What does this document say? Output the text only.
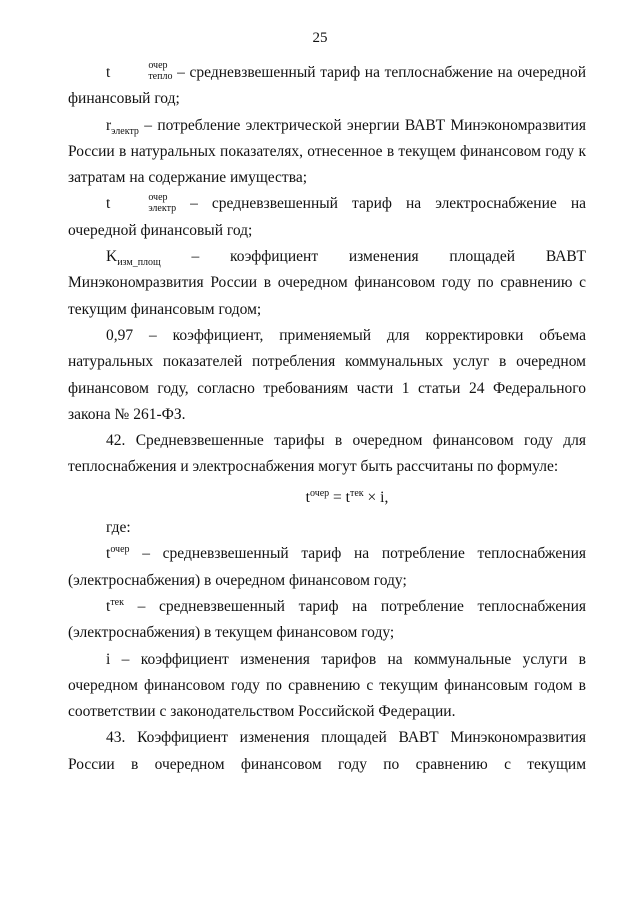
25

t	очер
тепло – средневзвешенный тариф на теплоснабжение на очередной финансовый год;

$r_{электр}$ – потребление электрической энергии ВАВТ Минэкономразвития России в натуральных показателях, отнесенное в текущем финансовом году к затратам на содержание имущества;

t	очер
электр – средневзвешенный тариф на электроснабжение на очередной финансовый год;

$K_{изм\_площ}$ – коэффициент изменения площадей ВАВТ Минэкономразвития России в очередном финансовом году по сравнению с текущим финансовым годом;

0,97 – коэффициент, применяемый для корректировки объема натуральных показателей потребления коммунальных услуг в очередном финансовом году, согласно требованиям части 1 статьи 24 Федерального закона № 261-ФЗ.

42. Средневзвешенные тарифы в очередном финансовом году для теплоснабжения и электроснабжения могут быть рассчитаны по формуле:

$t^{очер} = t^{тек} \times i$,

где:

$t^{очер}$ – средневзвешенный тариф на потребление теплоснабжения (электроснабжения) в очередном финансовом году;

$t^{тек}$ – средневзвешенный тариф на потребление теплоснабжения (электроснабжения) в текущем финансовом году;

i – коэффициент изменения тарифов на коммунальные услуги в очередном финансовом году по сравнению с текущим финансовым годом в соответствии с законодательством Российской Федерации.

43. Коэффициент изменения площадей ВАВТ Минэкономразвития России в очередном финансовом году по сравнению с текущим
